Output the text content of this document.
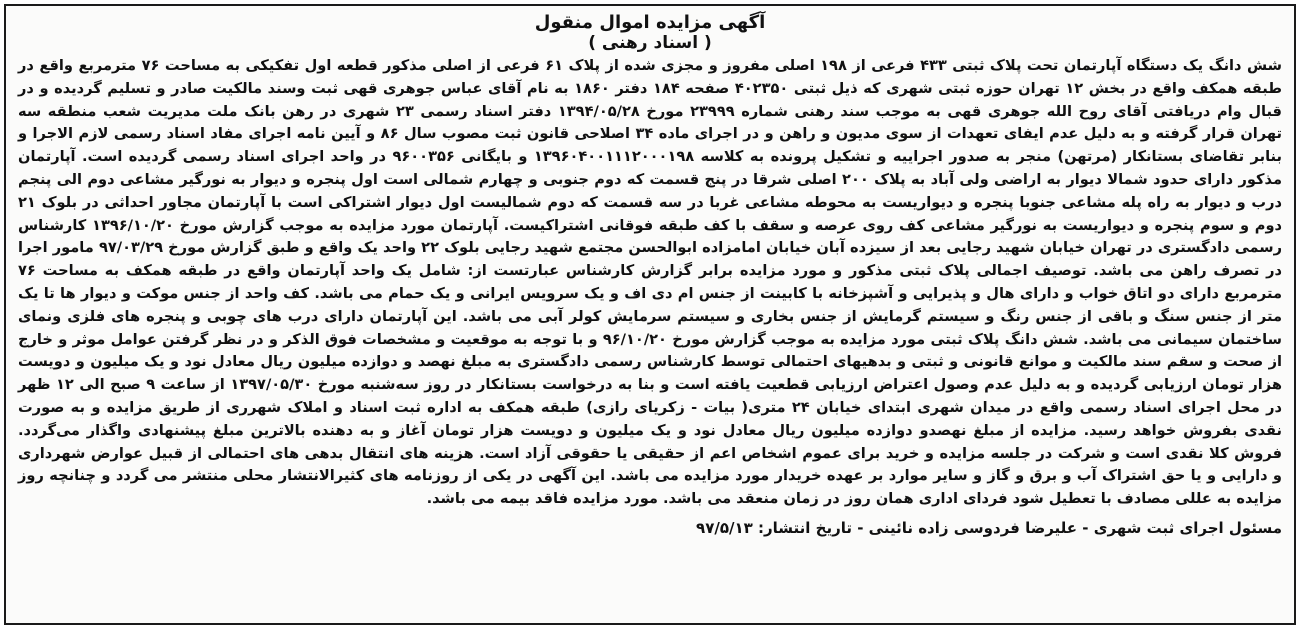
آگهی مزایده اموال منقول
( اسناد رهنی )

شش دانگ یک دستگاه آپارتمان تحت پلاک ثبتی ۴۳۳ فرعی از ۱۹۸ اصلی مفروز و مجزی شده از پلاک ۶۱ فرعی از اصلی مذکور قطعه اول تفکیکی به مساحت ۷۶ مترمربع واقع در طبقه همکف واقع در بخش ۱۲ تهران حوزه ثبتی شهری که ذیل ثبتی ۴۰۲۳۵۰ صفحه ۱۸۴ دفتر ۱۸۶۰ به نام آقای عباس جوهری قهی ثبت وسند مالکیت صادر و تسلیم گردیده و در قبال وام دریافتی آقای روح الله جوهری قهی به موجب سند رهنی شماره ۲۳۹۹۹ مورخ ۱۳۹۴/۰۵/۲۸ دفتر اسناد رسمی ۲۳ شهری در رهن بانک ملت مدیریت شعب منطقه سه تهران قرار گرفته و به دلیل عدم ایفای تعهدات از سوی مدیون و راهن و در اجرای ماده ۳۴ اصلاحی قانون ثبت مصوب سال ۸۶ و آیین نامه اجرای مفاد اسناد رسمی لازم الاجرا و بنابر تقاضای بستانکار (مرتهن) منجر به صدور اجراییه و تشکیل پرونده به کلاسه ۱۳۹۶۰۴۰۰۱۱۱۲۰۰۰۱۹۸ و بایگانی ۹۶۰۰۳۵۶ در واحد اجرای اسناد رسمی گردیده است. آپارتمان مذکور دارای حدود شمالا دیوار به اراضی ولی آباد به پلاک ۲۰۰ اصلی شرقا در پنج قسمت که دوم جنوبی و چهارم شمالی است اول پنجره و دیوار به نورگیر مشاعی دوم الی پنجم درب و دیوار به راه پله مشاعی جنوبا پنجره و دیواریست به محوطه مشاعی غربا در سه قسمت که دوم شمالیست اول دیوار اشتراکی است با آپارتمان مجاور احداثی در بلوک ۲۱ دوم و سوم پنجره و دیواریست به نورگیر مشاعی کف روی عرصه و سقف با کف طبقه فوقانی اشتراکیست. آپارتمان مورد مزایده به موجب گزارش مورخ ۱۳۹۶/۱۰/۲۰ کارشناس رسمی دادگستری در تهران خیابان شهید رجایی بعد از سیزده آبان خیابان امامزاده ابوالحسن مجتمع شهید رجایی بلوک ۲۲ واحد یک واقع و طبق گزارش مورخ ۹۷/۰۳/۲۹ مامور اجرا در تصرف راهن می باشد. توصیف اجمالی پلاک ثبتی مذکور و مورد مزایده برابر گزارش کارشناس عبارتست از: شامل یک واحد آپارتمان واقع در طبقه همکف به مساحت ۷۶ مترمربع دارای دو اتاق خواب و دارای هال و پذیرایی و آشپزخانه با کابینت از جنس ام دی اف و یک سرویس ایرانی و یک حمام می باشد. کف واحد از جنس موکت و دیوار ها تا یک متر از جنس سنگ و باقی از جنس رنگ و سیستم گرمایش از جنس بخاری و سیستم سرمایش کولر آبی می باشد. این آپارتمان دارای درب های چوبی و پنجره های فلزی ونمای ساختمان سیمانی می باشد. شش دانگ پلاک ثبتی مورد مزایده به موجب گزارش مورخ ۹۶/۱۰/۲۰ و با توجه به موقعیت و مشخصات فوق الذکر و در نظر گرفتن عوامل موثر و خارج از صحت و سقم سند مالکیت و موانع قانونی و ثبتی و بدهیهای احتمالی توسط کارشناس رسمی دادگستری به مبلغ نهصد و دوازده میلیون ریال معادل نود و یک میلیون و دویست هزار تومان ارزیابی گردیده و به دلیل عدم وصول اعتراض ارزیابی قطعیت یافته است و بنا به درخواست بستانکار در روز سه‌شنبه مورخ ۱۳۹۷/۰۵/۳۰ از ساعت ۹ صبح الی ۱۲ ظهر در محل اجرای اسناد رسمی واقع در میدان شهری ابتدای خیابان ۲۴ متری( بیات - زکریای رازی) طبقه همکف به اداره ثبت اسناد و املاک شهرری از طریق مزایده و به صورت نقدی بفروش خواهد رسید. مزایده از مبلغ نهصدو دوازده میلیون ریال معادل نود و یک میلیون و دویست هزار تومان آغاز و به دهنده بالاترین مبلغ پیشنهادی واگذار می‌گردد. فروش کلا نقدی است و شرکت در جلسه مزایده و خرید برای عموم اشخاص اعم از حقیقی یا حقوقی آزاد است. هزینه های انتقال بدهی های احتمالی از قبیل عوارض شهرداری و دارایی و یا حق اشتراک آب و برق و گاز و سایر موارد بر عهده خریدار مورد مزایده می باشد. این آگهی در یکی از روزنامه های کثیرالانتشار محلی منتشر می گردد و چنانچه روز مزایده به عللی مصادف با تعطیل شود فردای اداری همان روز در زمان منعقد می باشد. مورد مزایده فاقد بیمه می باشد.

مسئول اجرای ثبت شهری - علیرضا فردوسی زاده نائینی - تاریخ انتشار: ۹۷/۵/۱۳
